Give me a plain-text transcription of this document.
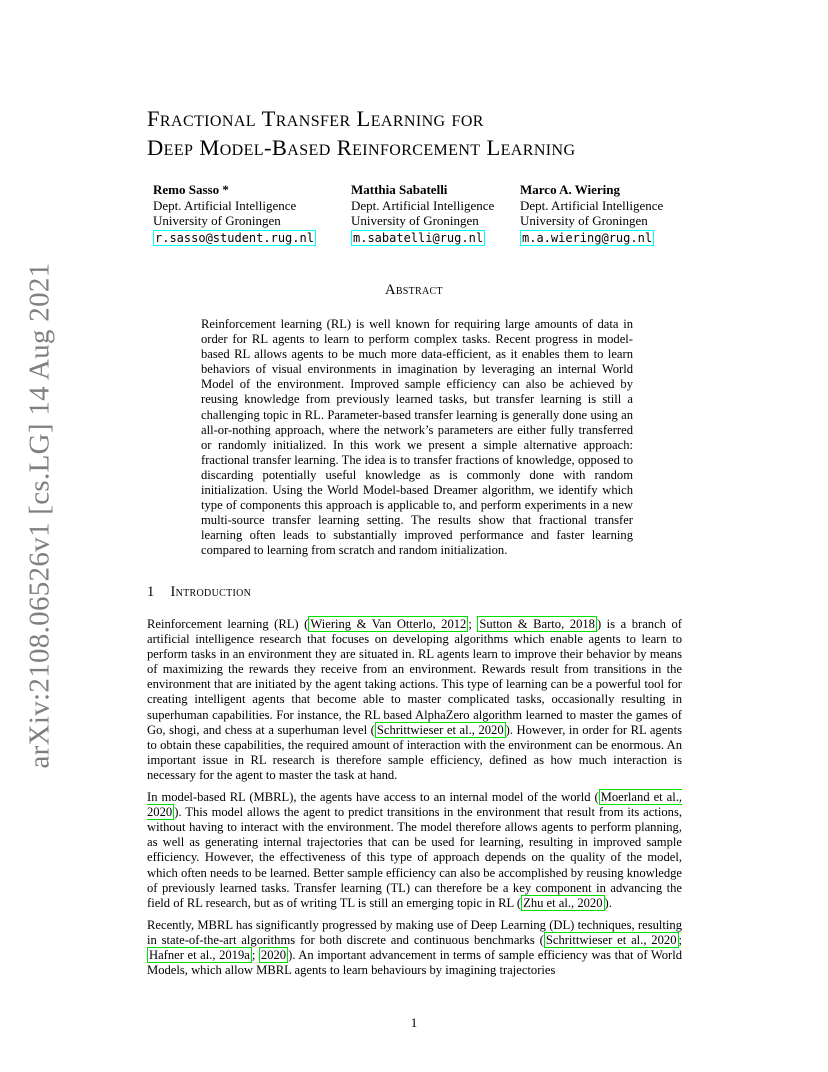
arXiv:2108.06526v1 [cs.LG] 14 Aug 2021
Fractional Transfer Learning for
Deep Model-Based Reinforcement Learning
Remo Sasso *
Dept. Artificial Intelligence
University of Groningen
r.sasso@student.rug.nl
Matthia Sabatelli
Dept. Artificial Intelligence
University of Groningen
m.sabatelli@rug.nl
Marco A. Wiering
Dept. Artificial Intelligence
University of Groningen
m.a.wiering@rug.nl
Abstract
Reinforcement learning (RL) is well known for requiring large amounts of data in order for RL agents to learn to perform complex tasks. Recent progress in model-based RL allows agents to be much more data-efficient, as it enables them to learn behaviors of visual environments in imagination by leveraging an internal World Model of the environment. Improved sample efficiency can also be achieved by reusing knowledge from previously learned tasks, but transfer learning is still a challenging topic in RL. Parameter-based transfer learning is generally done using an all-or-nothing approach, where the network’s parameters are either fully transferred or randomly initialized. In this work we present a simple alternative approach: fractional transfer learning. The idea is to transfer fractions of knowledge, opposed to discarding potentially useful knowledge as is commonly done with random initialization. Using the World Model-based Dreamer algorithm, we identify which type of components this approach is applicable to, and perform experiments in a new multi-source transfer learning setting. The results show that fractional transfer learning often leads to substantially improved performance and faster learning compared to learning from scratch and random initialization.
1 Introduction

Reinforcement learning (RL) ( Wiering & Van Otterlo, 2012 ; Sutton & Barto, 2018 ) is a branch of artificial intelligence research that focuses on developing algorithms which enable agents to learn to perform tasks in an environment they are situated in. RL agents learn to improve their behavior by means of maximizing the rewards they receive from an environment. Rewards result from transitions in the environment that are initiated by the agent taking actions. This type of learning can be a powerful tool for creating intelligent agents that become able to master complicated tasks, occasionally resulting in superhuman capabilities. For instance, the RL based AlphaZero algorithm learned to master the games of Go, shogi, and chess at a superhuman level ( Schrittwieser et al., 2020 ). However, in order for RL agents to obtain these capabilities, the required amount of interaction with the environment can be enormous. An important issue in RL research is therefore sample efficiency, defined as how much interaction is necessary for the agent to master the task at hand.

In model-based RL (MBRL), the agents have access to an internal model of the world ( Moerland et al., 2020 ). This model allows the agent to predict transitions in the environment that result from its actions, without having to interact with the environment. The model therefore allows agents to perform planning, as well as generating internal trajectories that can be used for learning, resulting in improved sample efficiency. However, the effectiveness of this type of approach depends on the quality of the model, which often needs to be learned. Better sample efficiency can also be accomplished by reusing knowledge of previously learned tasks. Transfer learning (TL) can therefore be a key component in advancing the field of RL research, but as of writing TL is still an emerging topic in RL ( Zhu et al., 2020 ).

Recently, MBRL has significantly progressed by making use of Deep Learning (DL) techniques, resulting in state-of-the-art algorithms for both discrete and continuous benchmarks ( Schrittwieser et al., 2020 ; Hafner et al., 2019a ; 2020 ). An important advancement in terms of sample efficiency was that of World Models, which allow MBRL agents to learn behaviours by imagining trajectories

1
